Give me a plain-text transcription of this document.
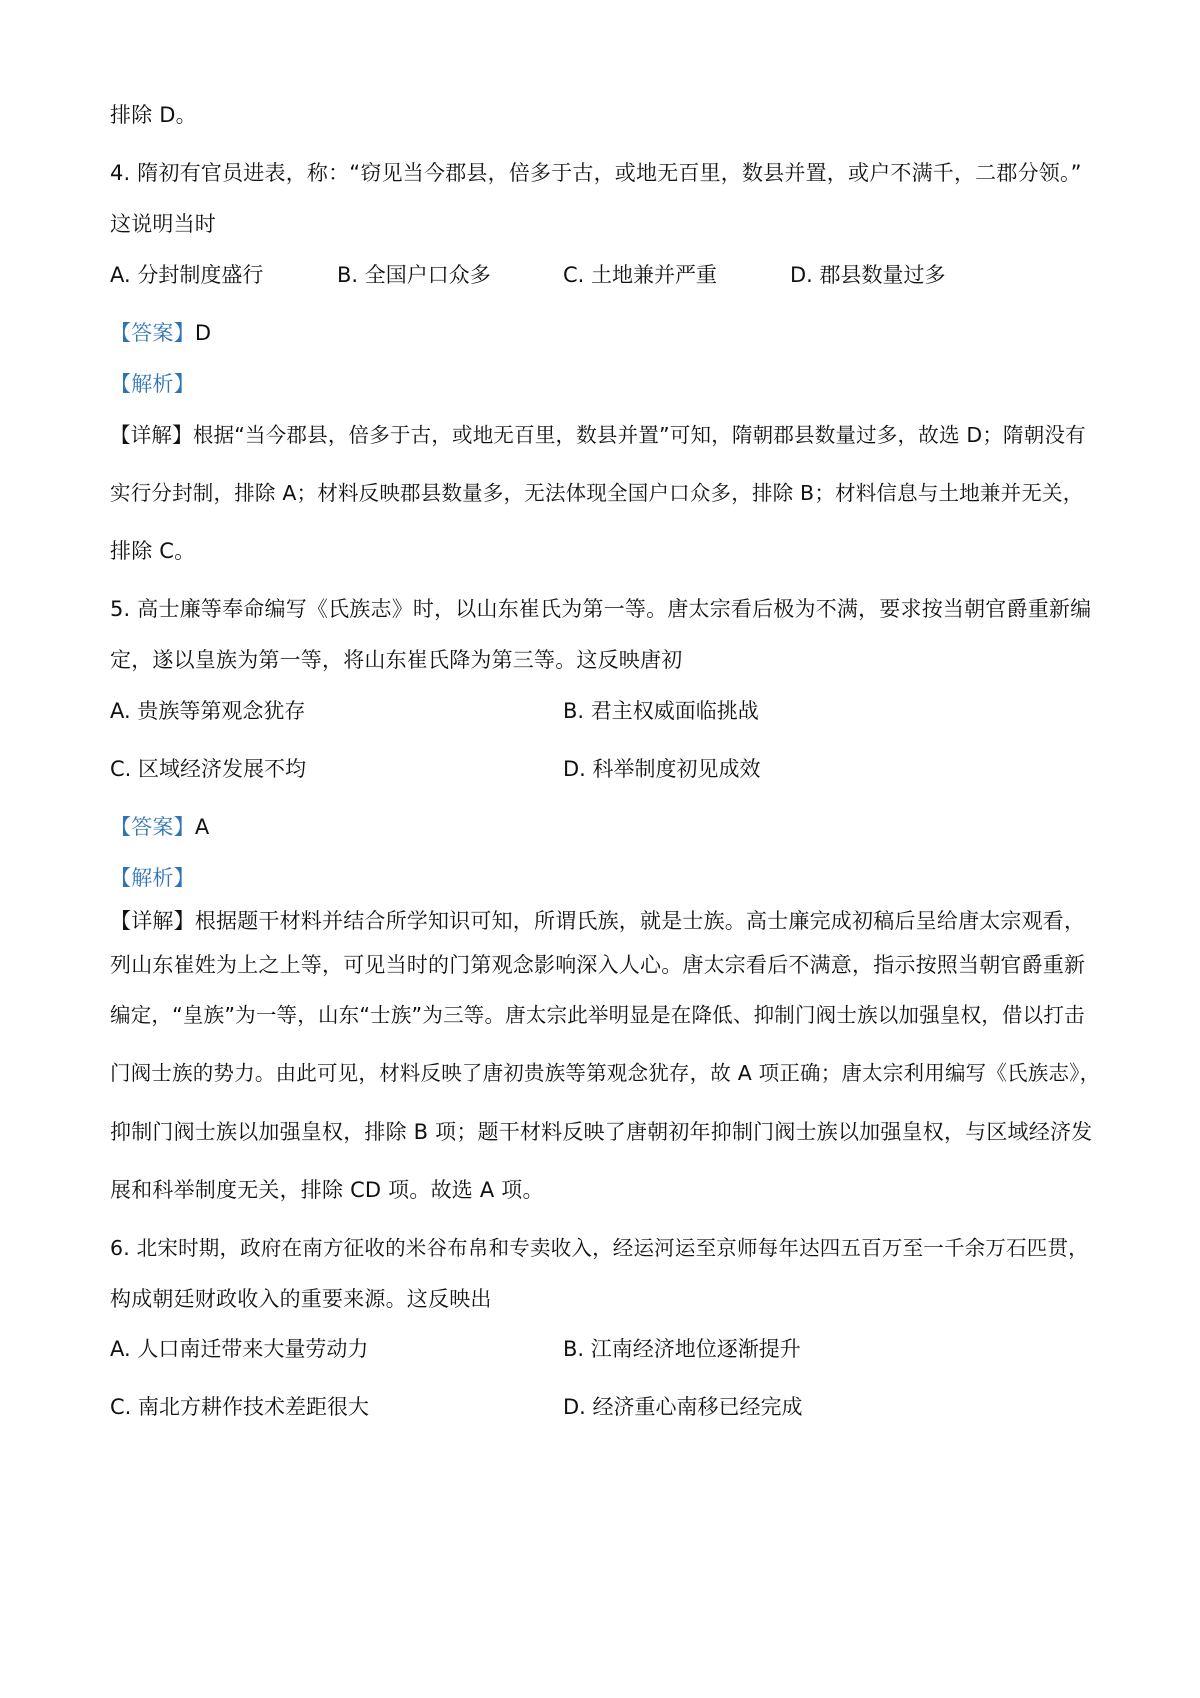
排除 D。
4. 隋初有官员进表，称：“窃见当今郡县，倍多于古，或地无百里，数县并置，或户不满千，二郡分领。”
这说明当时
A. 分封制度盛行	B. 全国户口众多	C. 土地兼并严重	D. 郡县数量过多
【答案】D
【解析】
【详解】根据“当今郡县，倍多于古，或地无百里，数县并置”可知，隋朝郡县数量过多，故选 D；隋朝没有
实行分封制，排除 A；材料反映郡县数量多，无法体现全国户口众多，排除 B；材料信息与土地兼并无关，
排除 C。
5. 高士廉等奉命编写《氏族志》时，以山东崔氏为第一等。唐太宗看后极为不满，要求按当朝官爵重新编
定，遂以皇族为第一等，将山东崔氏降为第三等。这反映唐初
A. 贵族等第观念犹存	B. 君主权威面临挑战
C. 区域经济发展不均	D. 科举制度初见成效
【答案】A
【解析】
【详解】根据题干材料并结合所学知识可知，所谓氏族，就是士族。高士廉完成初稿后呈给唐太宗观看，
列山东崔姓为上之上等，可见当时的门第观念影响深入人心。唐太宗看后不满意，指示按照当朝官爵重新
编定，“皇族”为一等，山东“士族”为三等。唐太宗此举明显是在降低、抑制门阀士族以加强皇权，借以打击
门阀士族的势力。由此可见，材料反映了唐初贵族等第观念犹存，故 A 项正确；唐太宗利用编写《氏族志》，
抑制门阀士族以加强皇权，排除 B 项；题干材料反映了唐朝初年抑制门阀士族以加强皇权，与区域经济发
展和科举制度无关，排除 CD 项。故选 A 项。
6. 北宋时期，政府在南方征收的米谷布帛和专卖收入，经运河运至京师每年达四五百万至一千余万石匹贯，
构成朝廷财政收入的重要来源。这反映出
A. 人口南迁带来大量劳动力	B. 江南经济地位逐渐提升
C. 南北方耕作技术差距很大	D. 经济重心南移已经完成
